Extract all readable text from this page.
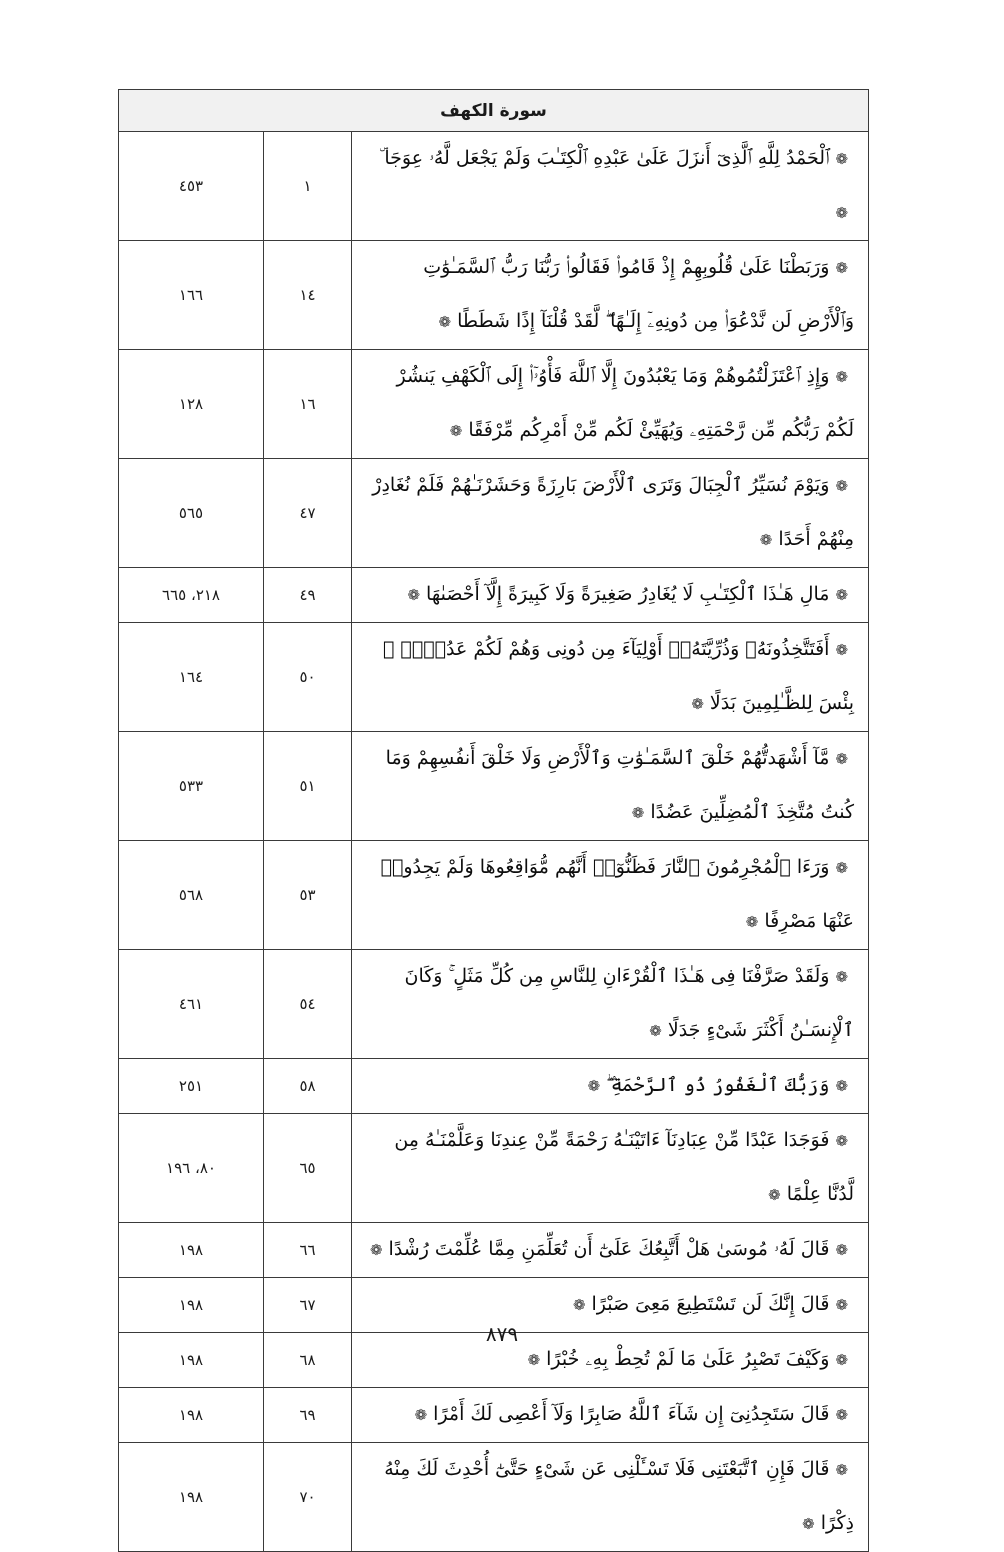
سورة الكهف		
❁ٱلْحَمْدُ لِلَّهِ ٱلَّذِىٓ أَنزَلَ عَلَىٰ عَبْدِهِ ٱلْكِتَـٰبَ وَلَمْ يَجْعَل لَّهُۥ عِوَجَا ۜ❁	١	٤٥٣
❁وَرَبَطْنَا عَلَىٰ قُلُوبِهِمْ إِذْ قَامُوا۟ فَقَالُوا۟ رَبُّنَا رَبُّ ٱلسَّمَـٰوَٰتِ وَٱلْأَرْضِ لَن نَّدْعُوَا۟ مِن دُونِهِۦٓ إِلَـٰهًا ۖ لَّقَدْ قُلْنَآ إِذًا شَطَطًا❁	١٤	١٦٦
❁وَإِذِ ٱعْتَزَلْتُمُوهُمْ وَمَا يَعْبُدُونَ إِلَّا ٱللَّهَ فَأْوُۥٓا۟ إِلَى ٱلْكَهْفِ يَنشُرْ لَكُمْ رَبُّكُم مِّن رَّحْمَتِهِۦ وَيُهَيِّئْ لَكُم مِّنْ أَمْرِكُم مِّرْفَقًا❁	١٦	١٢٨
❁وَيَوْمَ نُسَيِّرُ ٱلْجِبَالَ وَتَرَى ٱلْأَرْضَ بَارِزَةً وَحَشَرْنَـٰهُمْ فَلَمْ نُغَادِرْ مِنْهُمْ أَحَدًا❁	٤٧	٥٦٥
❁مَالِ هَـٰذَا ٱلْكِتَـٰبِ لَا يُغَادِرُ صَغِيرَةً وَلَا كَبِيرَةً إِلَّآ أَحْصَىٰهَا❁	٤٩	٢١٨، ٦٦٥
❁أَفَتَتَّخِذُونَهُۥ وَذُرِّيَّتَهُۥٓ أَوْلِيَآءَ مِن دُونِى وَهُمْ لَكُمْ عَدُوٌّۢ ۚ بِئْسَ لِلظَّـٰلِمِينَ بَدَلًا❁	٥٠	١٦٤
❁مَّآ أَشْهَدتُّهُمْ خَلْقَ ٱلسَّمَـٰوَٰتِ وَٱلْأَرْضِ وَلَا خَلْقَ أَنفُسِهِمْ وَمَا كُنتُ مُتَّخِذَ ٱلْمُضِلِّينَ عَضُدًا❁	٥١	٥٣٣
❁وَرَءَا ٱلْمُجْرِمُونَ ٱلنَّارَ فَظَنُّوٓا۟ أَنَّهُم مُّوَاقِعُوهَا وَلَمْ يَجِدُوا۟ عَنْهَا مَصْرِفًا❁	٥٣	٥٦٨
❁وَلَقَدْ صَرَّفْنَا فِى هَـٰذَا ٱلْقُرْءَانِ لِلنَّاسِ مِن كُلِّ مَثَلٍ ۚ وَكَانَ ٱلْإِنسَـٰنُ أَكْثَرَ شَىْءٍ جَدَلًا❁	٥٤	٤٦١
❁وَرَبُّكَ ٱلْغَفُورُ ذُو ٱلرَّحْمَةِ ۖ❁	٥٨	٢٥١
❁فَوَجَدَا عَبْدًا مِّنْ عِبَادِنَآ ءَاتَيْنَـٰهُ رَحْمَةً مِّنْ عِندِنَا وَعَلَّمْنَـٰهُ مِن لَّدُنَّا عِلْمًا❁	٦٥	٨٠، ١٩٦
❁قَالَ لَهُۥ مُوسَىٰ هَلْ أَتَّبِعُكَ عَلَىٰٓ أَن تُعَلِّمَنِ مِمَّا عُلِّمْتَ رُشْدًا❁	٦٦	١٩٨
❁قَالَ إِنَّكَ لَن تَسْتَطِيعَ مَعِىَ صَبْرًا❁	٦٧	١٩٨
❁وَكَيْفَ تَصْبِرُ عَلَىٰ مَا لَمْ تُحِطْ بِهِۦ خُبْرًا❁	٦٨	١٩٨
❁قَالَ سَتَجِدُنِىٓ إِن شَآءَ ٱللَّهُ صَابِرًا وَلَآ أَعْصِى لَكَ أَمْرًا❁	٦٩	١٩٨
❁قَالَ فَإِنِ ٱتَّبَعْتَنِى فَلَا تَسْـَٔلْنِى عَن شَىْءٍ حَتَّىٰٓ أُحْدِثَ لَكَ مِنْهُ ذِكْرًا❁	٧٠	١٩٨
٨٧٩
